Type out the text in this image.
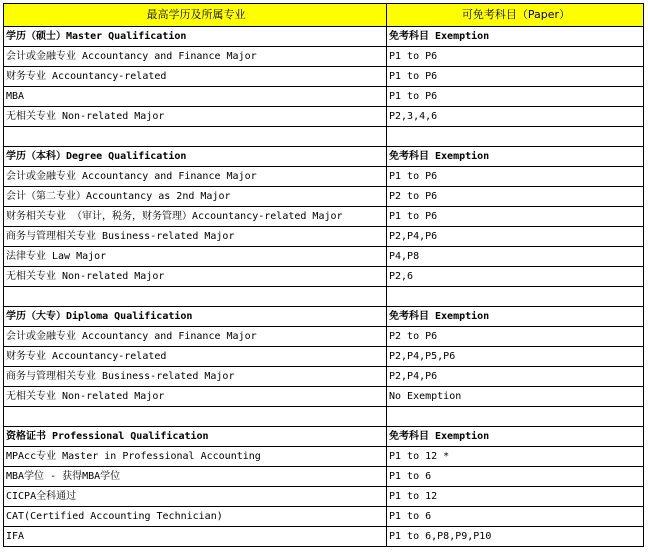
最高学历及所属专业	可免考科目（Paper）
学历（硕士）Master Qualification	免考科目 Exemption
会计或金融专业 Accountancy and Finance Major	P1 to P6
财务专业 Accountancy-related	P1 to P6
MBA	P1 to P6
无相关专业 Non-related Major	P2,3,4,6

学历（本科）Degree Qualification	免考科目 Exemption
会计或金融专业 Accountancy and Finance Major	P1 to P6
会计（第二专业）Accountancy as 2nd Major	P2 to P6
财务相关专业 （审计，税务，财务管理）Accountancy-related Major	P1 to P6
商务与管理相关专业 Business-related Major	P2,P4,P6
法律专业 Law Major	P4,P8
无相关专业 Non-related Major	P2,6

学历（大专）Diploma Qualification	免考科目 Exemption
会计或金融专业 Accountancy and Finance Major	P2 to P6
财务专业 Accountancy-related	P2,P4,P5,P6
商务与管理相关专业 Business-related Major	P2,P4,P6
无相关专业 Non-related Major	No Exemption

资格证书 Professional Qualification	免考科目 Exemption
MPAcc专业 Master in Professional Accounting	P1 to 12 *
MBA学位 - 获得MBA学位	P1 to 6
CICPA全科通过	P1 to 12
CAT(Certified Accounting Technician)	P1 to 6
IFA	P1 to 6,P8,P9,P10
